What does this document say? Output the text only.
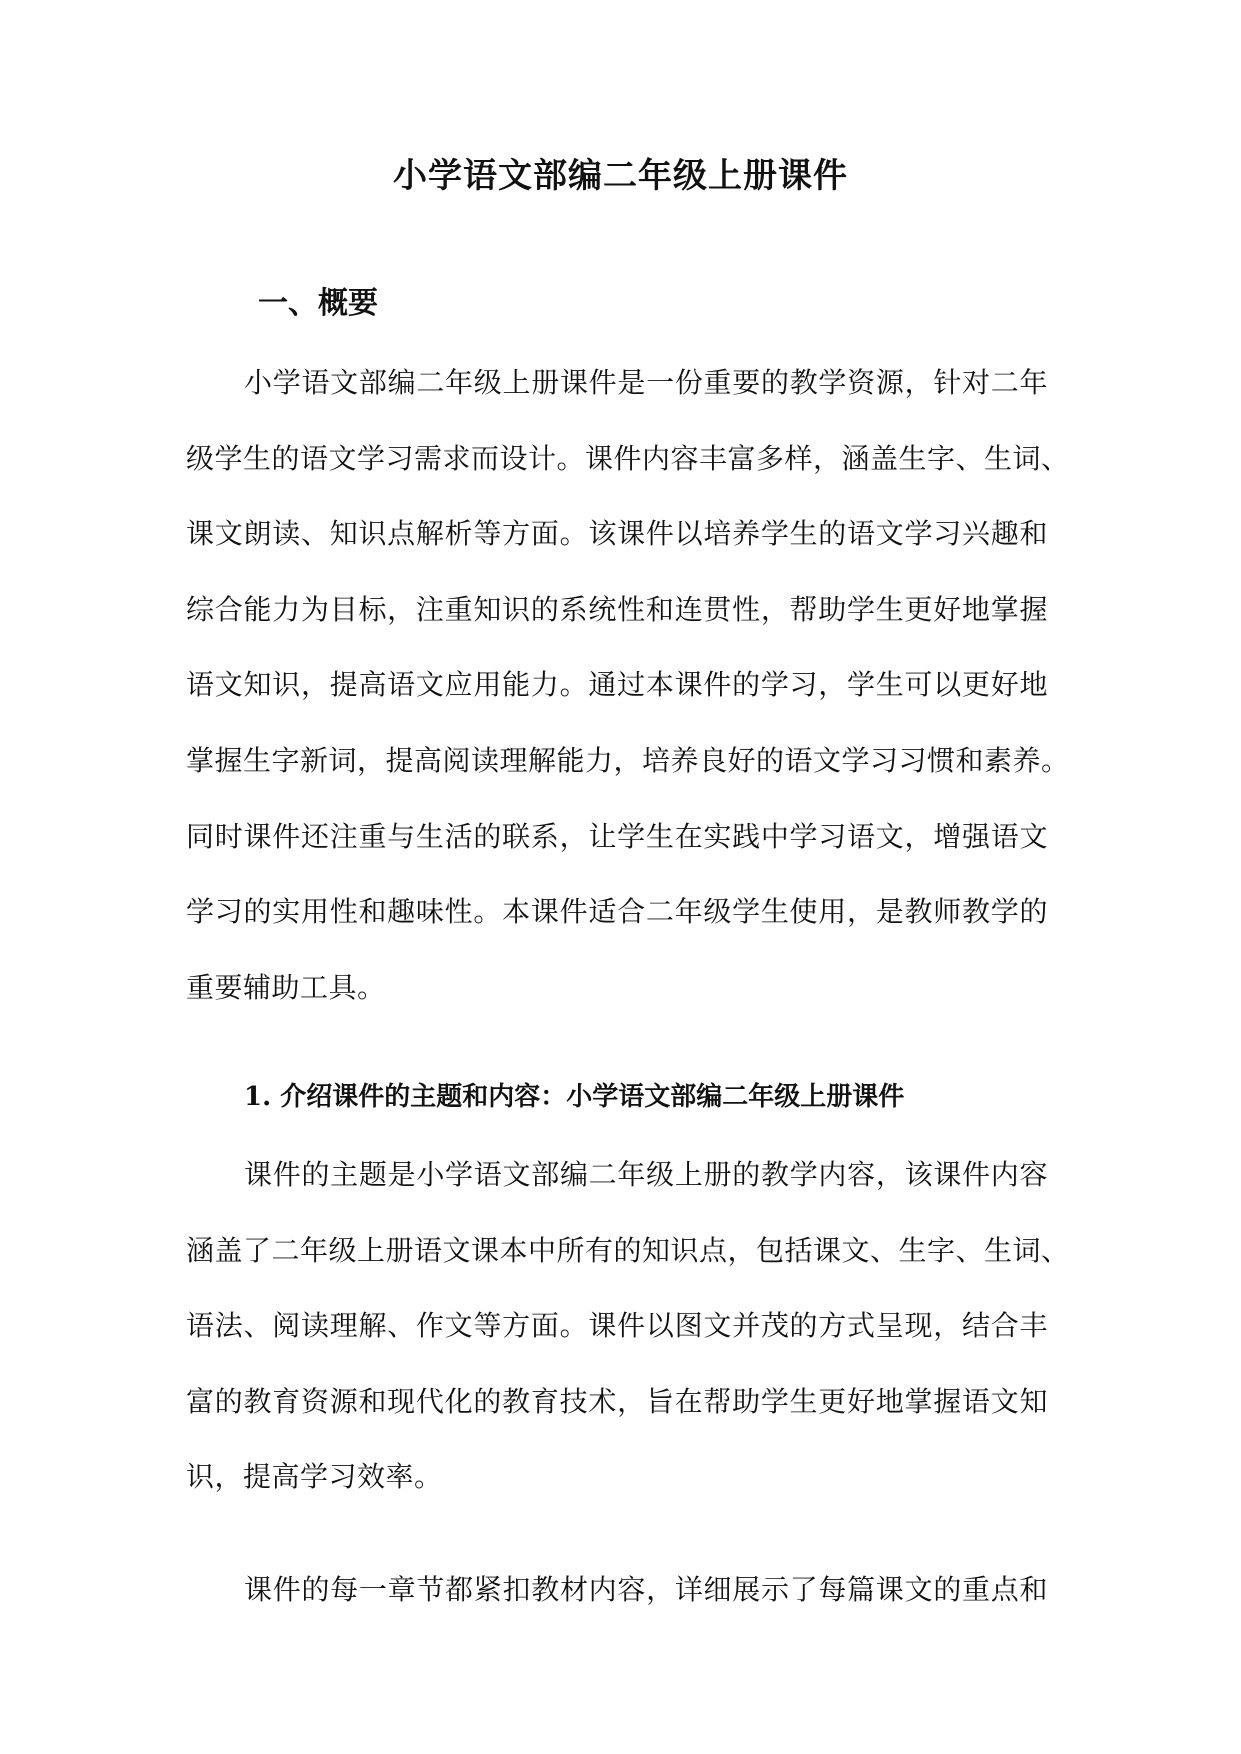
小学语文部编二年级上册课件
一、概要
小学语文部编二年级上册课件是一份重要的教学资源，针对二年
级学生的语文学习需求而设计。课件内容丰富多样，涵盖生字、生词、
课文朗读、知识点解析等方面。该课件以培养学生的语文学习兴趣和
综合能力为目标，注重知识的系统性和连贯性，帮助学生更好地掌握
语文知识，提高语文应用能力。通过本课件的学习，学生可以更好地
掌握生字新词，提高阅读理解能力，培养良好的语文学习习惯和素养。
同时课件还注重与生活的联系，让学生在实践中学习语文，增强语文
学习的实用性和趣味性。本课件适合二年级学生使用，是教师教学的
重要辅助工具。
1. 介绍课件的主题和内容：小学语文部编二年级上册课件
课件的主题是小学语文部编二年级上册的教学内容，该课件内容
涵盖了二年级上册语文课本中所有的知识点，包括课文、生字、生词、
语法、阅读理解、作文等方面。课件以图文并茂的方式呈现，结合丰
富的教育资源和现代化的教育技术，旨在帮助学生更好地掌握语文知
识，提高学习效率。
课件的每一章节都紧扣教材内容，详细展示了每篇课文的重点和
